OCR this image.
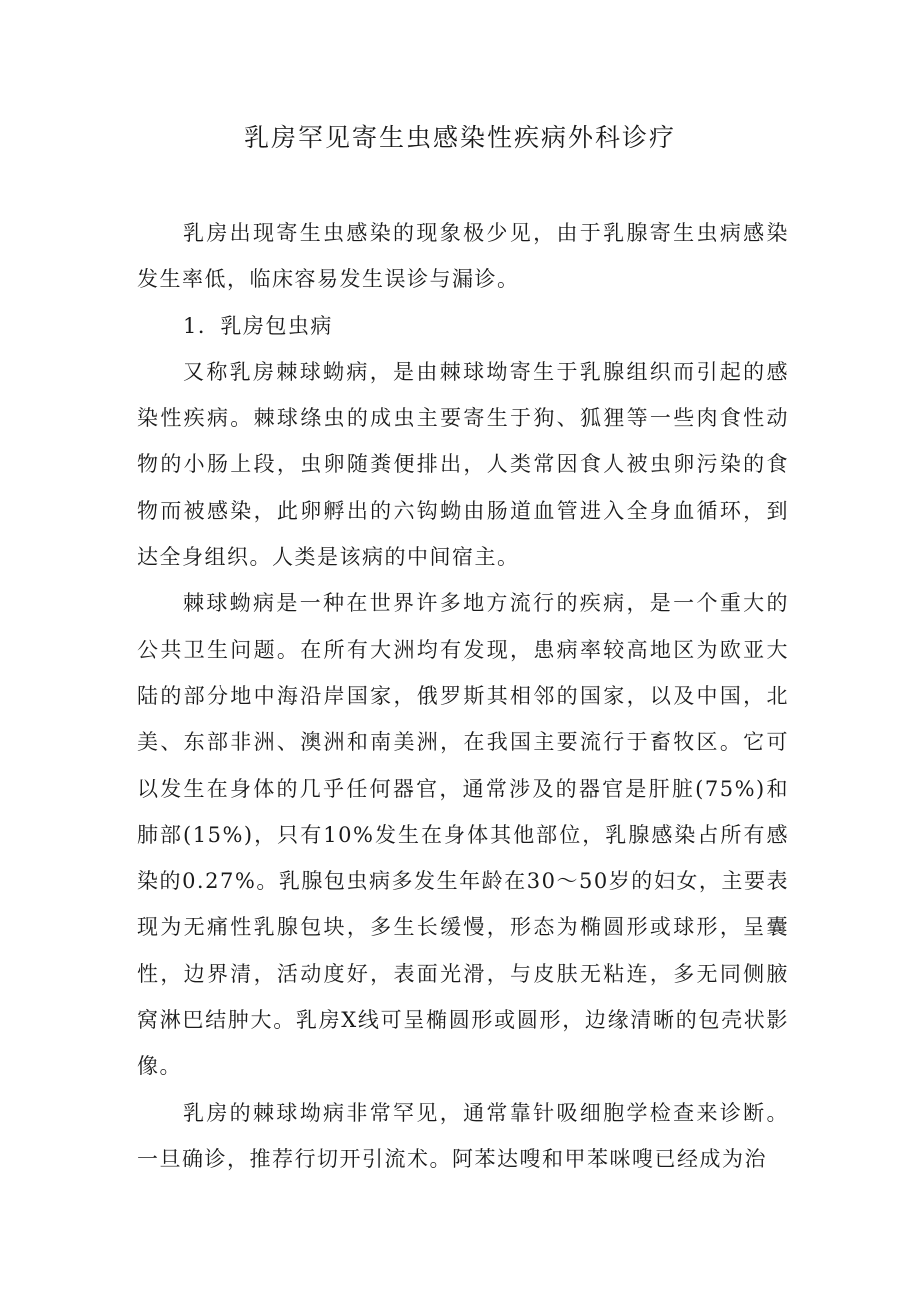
乳房罕见寄生虫感染性疾病外科诊疗

乳房出现寄生虫感染的现象极少见，由于乳腺寄生虫病感染发生率低，临床容易发生误诊与漏诊。

1．乳房包虫病

又称乳房棘球蚴病，是由棘球坳寄生于乳腺组织而引起的感染性疾病。棘球绦虫的成虫主要寄生于狗、狐狸等一些肉食性动物的小肠上段，虫卵随粪便排出，人类常因食人被虫卵污染的食物而被感染，此卵孵出的六钩蚴由肠道血管进入全身血循环，到达全身组织。人类是该病的中间宿主。

棘球蚴病是一种在世界许多地方流行的疾病，是一个重大的公共卫生问题。在所有大洲均有发现，患病率较高地区为欧亚大陆的部分地中海沿岸国家，俄罗斯其相邻的国家，以及中国，北美、东部非洲、澳洲和南美洲，在我国主要流行于畜牧区。它可以发生在身体的几乎任何器官，通常涉及的器官是肝脏(75%)和肺部(15%)，只有10%发生在身体其他部位，乳腺感染占所有感染的0.27%。乳腺包虫病多发生年龄在30～50岁的妇女，主要表现为无痛性乳腺包块，多生长缓慢，形态为椭圆形或球形，呈囊性，边界清，活动度好，表面光滑，与皮肤无粘连，多无同侧腋窝淋巴结肿大。乳房X线可呈椭圆形或圆形，边缘清晰的包壳状影像。

乳房的棘球坳病非常罕见，通常靠针吸细胞学检查来诊断。一旦确诊，推荐行切开引流术。阿苯达嗖和甲苯咪嗖已经成为治
